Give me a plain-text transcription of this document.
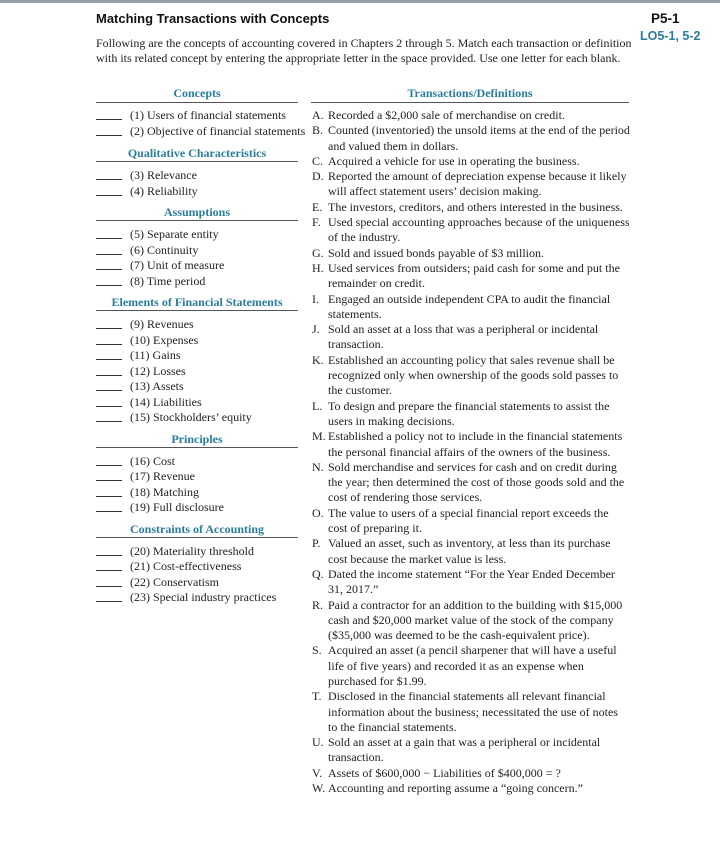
Matching Transactions with Concepts	P5-1
LO5-1, 5-2

Following are the concepts of accounting covered in Chapters 2 through 5. Match each transaction or definition with its related concept by entering the appropriate letter in the space provided. Use one letter for each blank.

Concepts	Transactions/Definitions
(1) Users of financial statements
(2) Objective of financial statements
Qualitative Characteristics
(3) Relevance
(4) Reliability
Assumptions
(5) Separate entity
(6) Continuity
(7) Unit of measure
(8) Time period
Elements of Financial Statements
(9) Revenues
(10) Expenses
(11) Gains
(12) Losses
(13) Assets
(14) Liabilities
(15) Stockholders’ equity
Principles
(16) Cost
(17) Revenue
(18) Matching
(19) Full disclosure
Constraints of Accounting
(20) Materiality threshold
(21) Cost-effectiveness
(22) Conservatism
(23) Special industry practices
A. Recorded a $2,000 sale of merchandise on credit.
B. Counted (inventoried) the unsold items at the end of the period and valued them in dollars.
C. Acquired a vehicle for use in operating the business.
D. Reported the amount of depreciation expense because it likely will affect statement users’ decision making.
E. The investors, creditors, and others interested in the business.
F. Used special accounting approaches because of the uniqueness of the industry.
G. Sold and issued bonds payable of $3 million.
H. Used services from outsiders; paid cash for some and put the remainder on credit.
I. Engaged an outside independent CPA to audit the financial statements.
J. Sold an asset at a loss that was a peripheral or incidental transaction.
K. Established an accounting policy that sales revenue shall be recognized only when ownership of the goods sold passes to the customer.
L. To design and prepare the financial statements to assist the users in making decisions.
M. Established a policy not to include in the financial statements the personal financial affairs of the owners of the business.
N. Sold merchandise and services for cash and on credit during the year; then determined the cost of those goods sold and the cost of rendering those services.
O. The value to users of a special financial report exceeds the cost of preparing it.
P. Valued an asset, such as inventory, at less than its purchase cost because the market value is less.
Q. Dated the income statement “For the Year Ended December 31, 2017.”
R. Paid a contractor for an addition to the building with $15,000 cash and $20,000 market value of the stock of the company ($35,000 was deemed to be the cash-equivalent price).
S. Acquired an asset (a pencil sharpener that will have a useful life of five years) and recorded it as an expense when purchased for $1.99.
T. Disclosed in the financial statements all relevant financial information about the business; necessitated the use of notes to the financial statements.
U. Sold an asset at a gain that was a peripheral or incidental transaction.
V. Assets of $600,000 − Liabilities of $400,000 = ?
W. Accounting and reporting assume a “going concern.”
